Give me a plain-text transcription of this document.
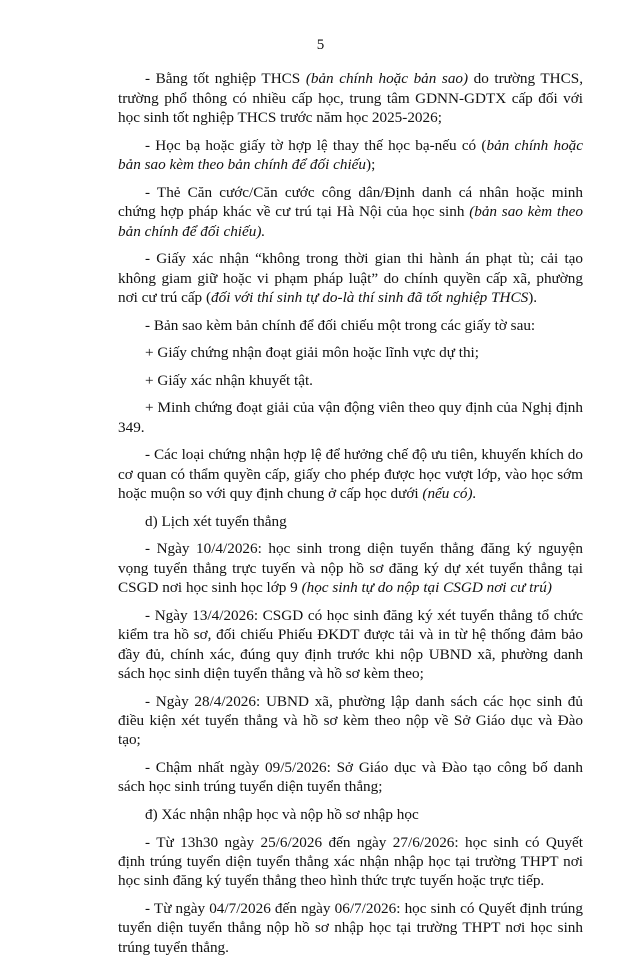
5

- Bằng tốt nghiệp THCS (bản chính hoặc bản sao) do trường THCS, trường phổ thông có nhiều cấp học, trung tâm GDNN-GDTX cấp đối với học sinh tốt nghiệp THCS trước năm học 2025-2026;

- Học bạ hoặc giấy tờ hợp lệ thay thế học bạ-nếu có (bản chính hoặc bản sao kèm theo bản chính để đối chiếu);

- Thẻ Căn cước/Căn cước công dân/Định danh cá nhân hoặc minh chứng hợp pháp khác về cư trú tại Hà Nội của học sinh (bản sao kèm theo bản chính để đối chiếu).

- Giấy xác nhận “không trong thời gian thi hành án phạt tù; cải tạo không giam giữ hoặc vi phạm pháp luật” do chính quyền cấp xã, phường nơi cư trú cấp (đối với thí sinh tự do-là thí sinh đã tốt nghiệp THCS).

- Bản sao kèm bản chính để đối chiếu một trong các giấy tờ sau:

+ Giấy chứng nhận đoạt giải môn hoặc lĩnh vực dự thi;

+ Giấy xác nhận khuyết tật.

+ Minh chứng đoạt giải của vận động viên theo quy định của Nghị định 349.

- Các loại chứng nhận hợp lệ để hưởng chế độ ưu tiên, khuyến khích do cơ quan có thẩm quyền cấp, giấy cho phép được học vượt lớp, vào học sớm hoặc muộn so với quy định chung ở cấp học dưới (nếu có).

d) Lịch xét tuyển thẳng

- Ngày 10/4/2026: học sinh trong diện tuyển thẳng đăng ký nguyện vọng tuyển thẳng trực tuyến và nộp hồ sơ đăng ký dự xét tuyển thẳng tại CSGD nơi học sinh học lớp 9 (học sinh tự do nộp tại CSGD nơi cư trú)

- Ngày 13/4/2026: CSGD có học sinh đăng ký xét tuyển thẳng tổ chức kiểm tra hồ sơ, đối chiếu Phiếu ĐKDT được tải và in từ hệ thống đảm bảo đầy đủ, chính xác, đúng quy định trước khi nộp UBND xã, phường danh sách học sinh diện tuyển thẳng và hồ sơ kèm theo;

- Ngày 28/4/2026: UBND xã, phường lập danh sách các học sinh đủ điều kiện xét tuyển thẳng và hồ sơ kèm theo nộp về Sở Giáo dục và Đào tạo;

- Chậm nhất ngày 09/5/2026: Sở Giáo dục và Đào tạo công bố danh sách học sinh trúng tuyển diện tuyển thẳng;

đ) Xác nhận nhập học và nộp hồ sơ nhập học

- Từ 13h30 ngày 25/6/2026 đến ngày 27/6/2026: học sinh có Quyết định trúng tuyển diện tuyển thẳng xác nhận nhập học tại trường THPT nơi học sinh đăng ký tuyển thẳng theo hình thức trực tuyến hoặc trực tiếp.

- Từ ngày 04/7/2026 đến ngày 06/7/2026: học sinh có Quyết định trúng tuyển diện tuyển thẳng nộp hồ sơ nhập học tại trường THPT nơi học sinh trúng tuyển thẳng.
